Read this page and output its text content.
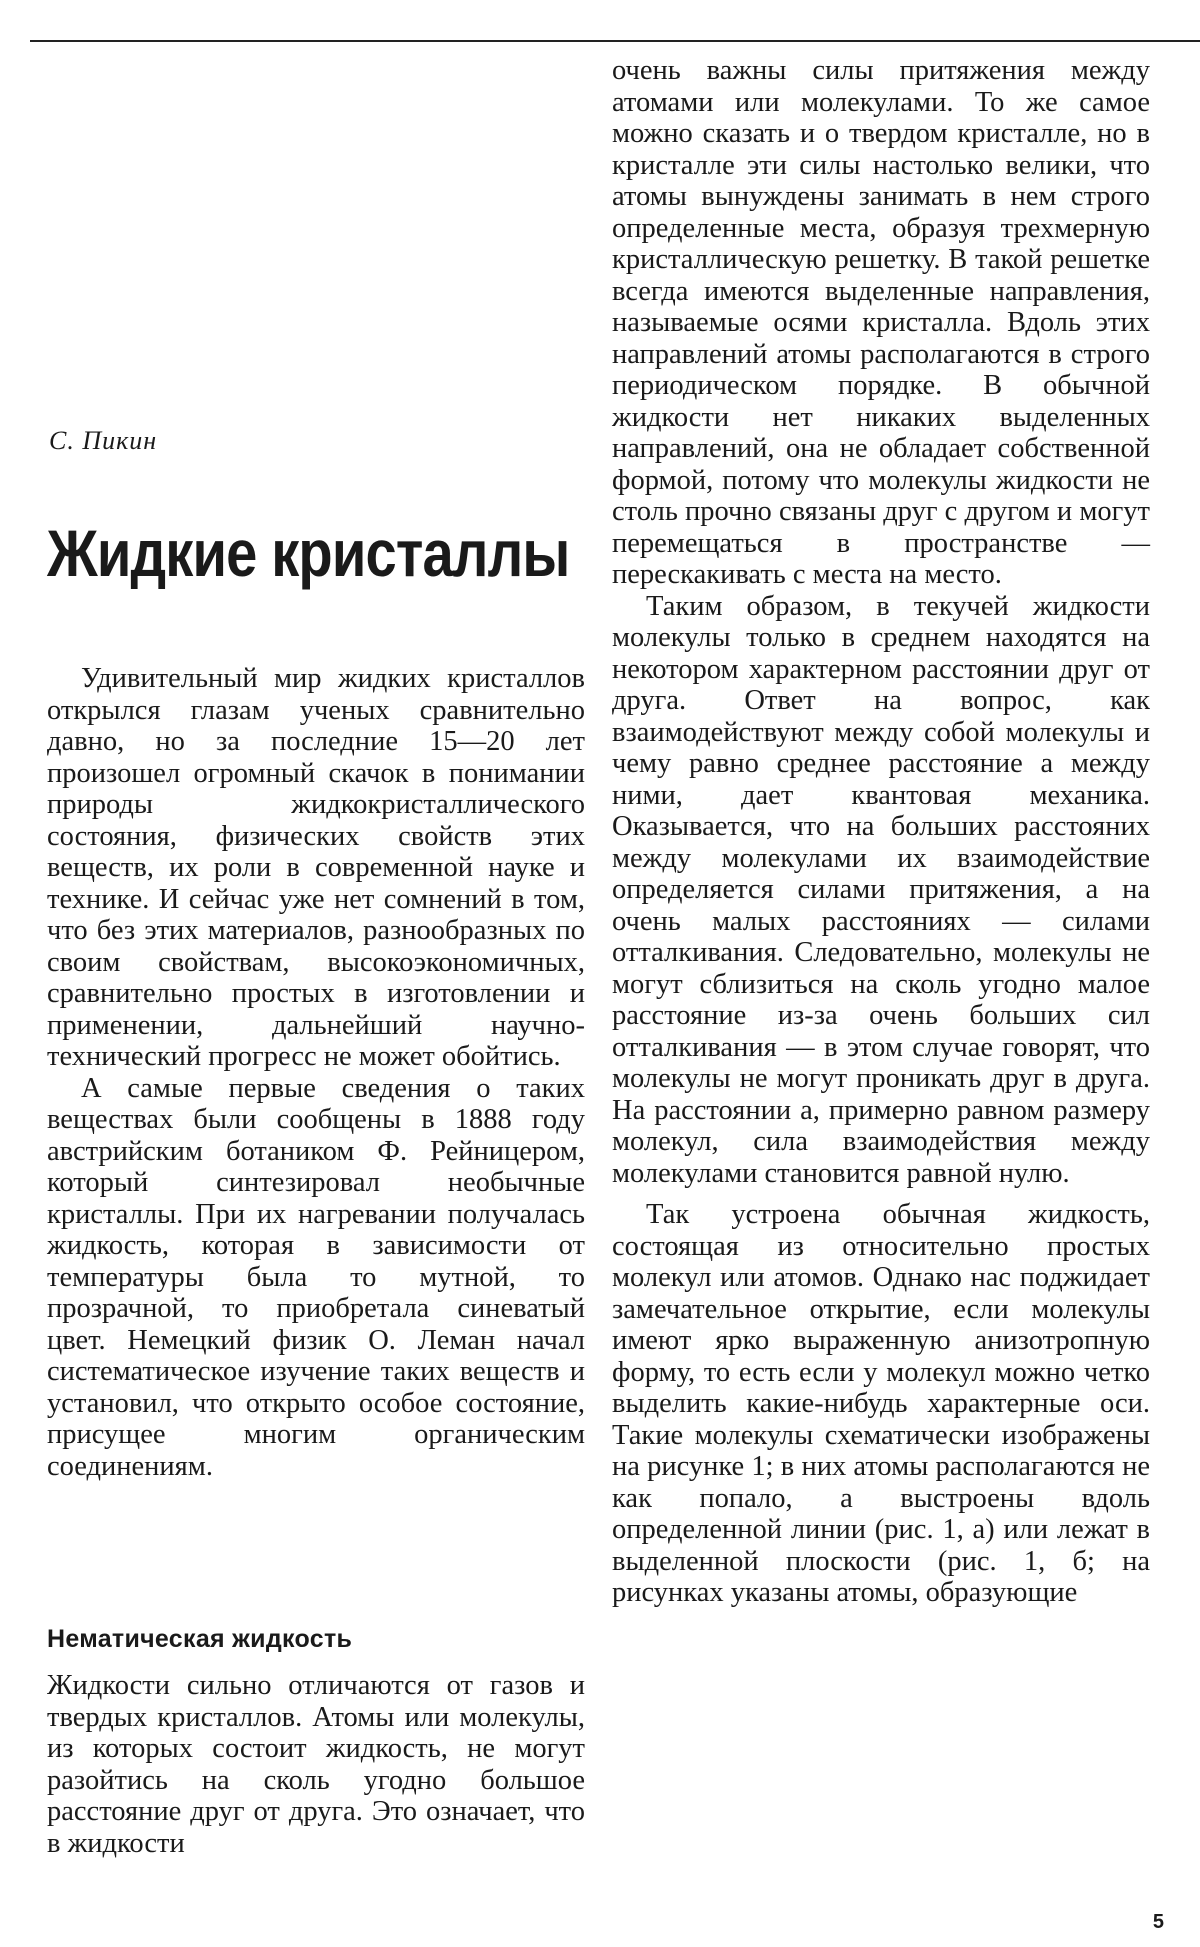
С. Пикин
Жидкие кристаллы

Удивительный мир жидких кристаллов открылся глазам ученых сравнительно давно, но за последние 15—20 лет произошел огромный скачок в понимании природы жидкокристаллического состояния, физических свойств этих веществ, их роли в современной науке и технике. И сейчас уже нет сомнений в том, что без этих материалов, разнообразных по своим свойствам, высокоэкономичных, сравнительно простых в изготовлении и применении, дальнейший научно-технический прогресс не может обойтись.

А самые первые сведения о таких веществах были сообщены в 1888 году австрийским ботаником Ф. Рейницером, который синтезировал необычные кристаллы. При их нагревании получалась жидкость, которая в зависимости от температуры была то мутной, то прозрачной, то приобретала синеватый цвет. Немецкий физик О. Леман начал систематическое изучение таких веществ и установил, что открыто особое состояние, присущее многим органическим соединениям.

Нематическая жидкость

Жидкости сильно отличаются от газов и твердых кристаллов. Атомы или молекулы, из которых состоит жидкость, не могут разойтись на сколь угодно большое расстояние друг от друга. Это означает, что в жидкости

очень важны силы притяжения между атомами или молекулами. То же самое можно сказать и о твердом кристалле, но в кристалле эти силы настолько велики, что атомы вынуждены занимать в нем строго определенные места, образуя трехмерную кристаллическую решетку. В такой решетке всегда имеются выделенные направления, называемые осями кристалла. Вдоль этих направлений атомы располагаются в строго периодическом порядке. В обычной жидкости нет никаких выделенных направлений, она не обладает собственной формой, потому что молекулы жидкости не столь прочно связаны друг с другом и могут перемещаться в пространстве — перескакивать с места на место.

Таким образом, в текучей жидкости молекулы только в среднем находятся на некотором характерном расстоянии друг от друга. Ответ на вопрос, как взаимодействуют между собой молекулы и чему равно среднее расстояние a между ними, дает квантовая механика. Оказывается, что на больших расстояних между молекулами их взаимодействие определяется силами притяжения, а на очень малых расстояниях — силами отталкивания. Следовательно, молекулы не могут сблизиться на сколь угодно малое расстояние из-за очень больших сил отталкивания — в этом случае говорят, что молекулы не могут проникать друг в друга. На расстоянии a, примерно равном размеру молекул, сила взаимодействия между молекулами становится равной нулю.

Так устроена обычная жидкость, состоящая из относительно простых молекул или атомов. Однако нас поджидает замечательное открытие, если молекулы имеют ярко выраженную анизотропную форму, то есть если у молекул можно четко выделить какие-нибудь характерные оси. Такие молекулы схематически изображены на рисунке 1; в них атомы располагаются не как попало, а выстроены вдоль определенной линии (рис. 1, а) или лежат в выделенной плоскости (рис. 1, б; на рисунках указаны атомы, образующие

5
